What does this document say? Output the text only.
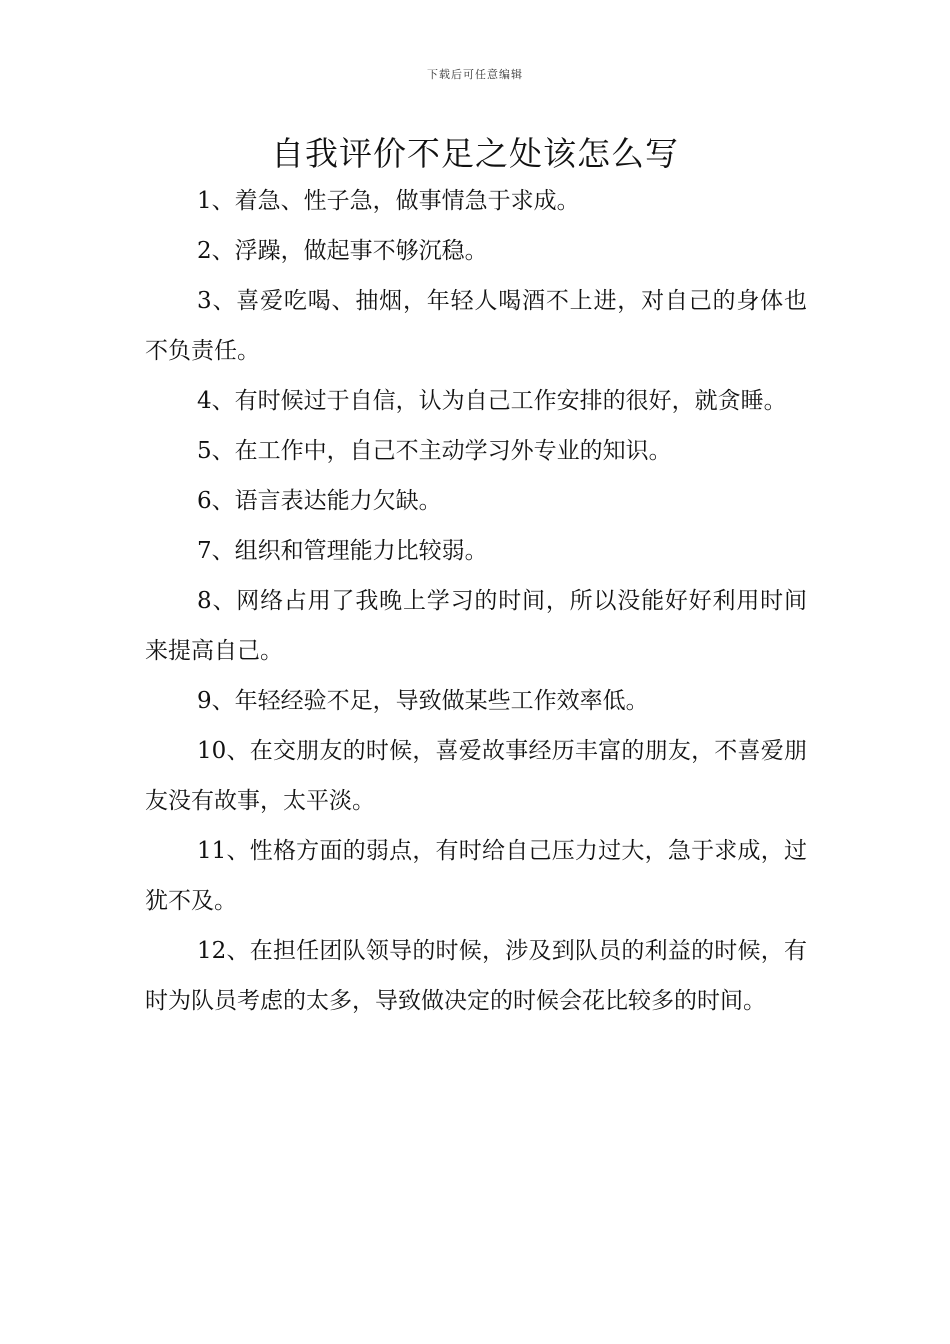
下载后可任意编辑
自我评价不足之处该怎么写

1、着急、性子急，做事情急于求成。

2、浮躁，做起事不够沉稳。

3、喜爱吃喝、抽烟，年轻人喝酒不上进，对自己的身体也不负责任。

4、有时候过于自信，认为自己工作安排的很好，就贪睡。

5、在工作中，自己不主动学习外专业的知识。

6、语言表达能力欠缺。

7、组织和管理能力比较弱。

8、网络占用了我晚上学习的时间，所以没能好好利用时间来提高自己。

9、年轻经验不足，导致做某些工作效率低。

10、在交朋友的时候，喜爱故事经历丰富的朋友，不喜爱朋友没有故事，太平淡。

11、性格方面的弱点，有时给自己压力过大，急于求成，过犹不及。

12、在担任团队领导的时候，涉及到队员的利益的时候，有时为队员考虑的太多，导致做决定的时候会花比较多的时间。
